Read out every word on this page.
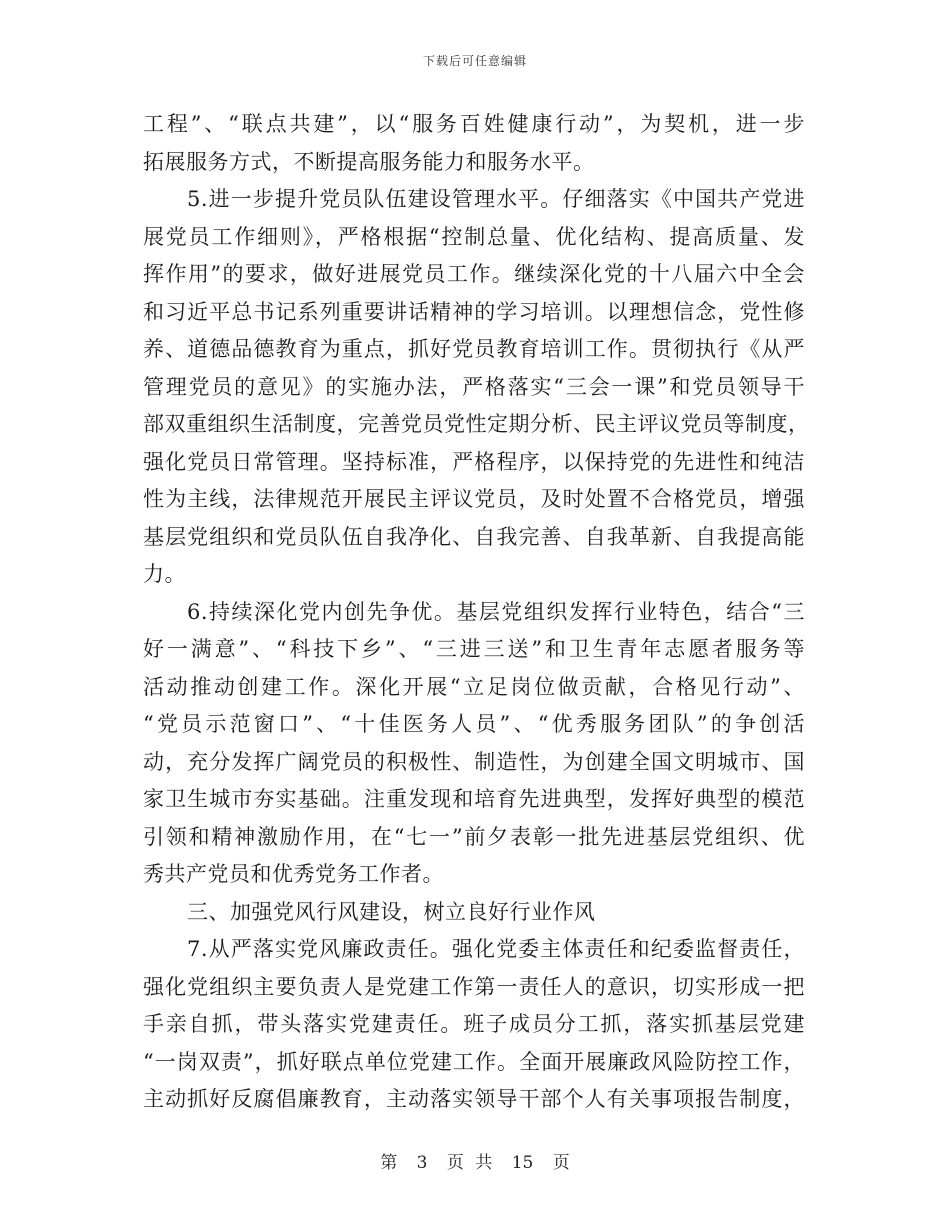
下载后可任意编辑
工程”、“联点共建”，以“服务百姓健康行动”，为契机，进一步
拓展服务方式，不断提高服务能力和服务水平。
5.进一步提升党员队伍建设管理水平。仔细落实《中国共产党进
展党员工作细则》，严格根据“控制总量、优化结构、提高质量、发
挥作用”的要求，做好进展党员工作。继续深化党的十八届六中全会
和习近平总书记系列重要讲话精神的学习培训。以理想信念，党性修
养、道德品德教育为重点，抓好党员教育培训工作。贯彻执行《从严
管理党员的意见》的实施办法，严格落实“三会一课”和党员领导干
部双重组织生活制度，完善党员党性定期分析、民主评议党员等制度，
强化党员日常管理。坚持标准，严格程序，以保持党的先进性和纯洁
性为主线，法律规范开展民主评议党员，及时处置不合格党员，增强
基层党组织和党员队伍自我净化、自我完善、自我革新、自我提高能
力。
6.持续深化党内创先争优。基层党组织发挥行业特色，结合“三
好一满意”、“科技下乡”、“三进三送”和卫生青年志愿者服务等
活动推动创建工作。深化开展“立足岗位做贡献，合格见行动”、
“党员示范窗口”、“十佳医务人员”、“优秀服务团队”的争创活
动，充分发挥广阔党员的积极性、制造性，为创建全国文明城市、国
家卫生城市夯实基础。注重发现和培育先进典型，发挥好典型的模范
引领和精神激励作用，在“七一”前夕表彰一批先进基层党组织、优
秀共产党员和优秀党务工作者。
三、加强党风行风建设，树立良好行业作风
7.从严落实党风廉政责任。强化党委主体责任和纪委监督责任，
强化党组织主要负责人是党建工作第一责任人的意识，切实形成一把
手亲自抓，带头落实党建责任。班子成员分工抓，落实抓基层党建
“一岗双责”，抓好联点单位党建工作。全面开展廉政风险防控工作，
主动抓好反腐倡廉教育，主动落实领导干部个人有关事项报告制度，
第 3 页 共 15 页
